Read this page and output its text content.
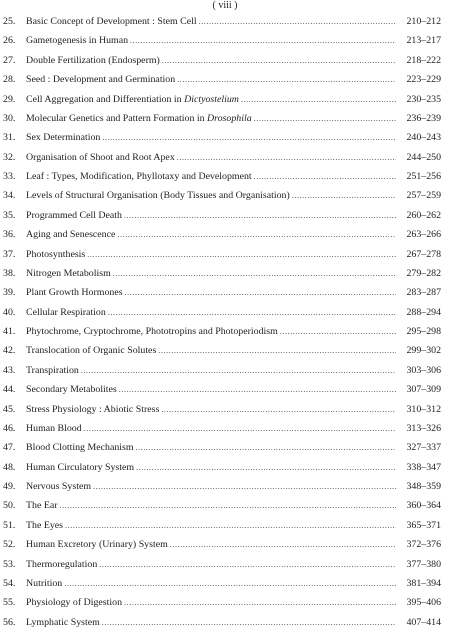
( viii )
25.	Basic Concept of Development : Stem Cell .....	210–212
26.	Gametogenesis in Human .....	213–217
27.	Double Fertilization (Endosperm) .....	218–222
28.	Seed : Development and Germination .....	223–229
29.	Cell Aggregation and Differentiation in Dictyostelium .....	230–235
30.	Molecular Genetics and Pattern Formation in Drosophila .....	236–239
31.	Sex Determination .....	240–243
32.	Organisation of Shoot and Root Apex .....	244–250
33.	Leaf : Types, Modification, Phyllotaxy and Development .....	251–256
34.	Levels of Structural Organisation (Body Tissues and Organisation) .....	257–259
35.	Programmed Cell Death .....	260–262
36.	Aging and Senescence .....	263–266
37.	Photosynthesis .....	267–278
38.	Nitrogen Metabolism .....	279–282
39.	Plant Growth Hormones .....	283–287
40.	Cellular Respiration .....	288–294
41.	Phytochrome, Cryptochrome, Phototropins and Photoperiodism .....	295–298
42.	Translocation of Organic Solutes .....	299–302
43.	Transpiration .....	303–306
44.	Secondary Metabolites .....	307–309
45.	Stress Physiology : Abiotic Stress .....	310–312
46.	Human Blood .....	313–326
47.	Blood Clotting Mechanism .....	327–337
48.	Human Circulatory System .....	338–347
49.	Nervous System .....	348–359
50.	The Ear .....	360–364
51.	The Eyes .....	365–371
52.	Human Excretory (Urinary) System .....	372–376
53.	Thermoregulation .....	377–380
54.	Nutrition .....	381–394
55.	Physiology of Digestion .....	395–406
56.	Lymphatic System .....	407–414
